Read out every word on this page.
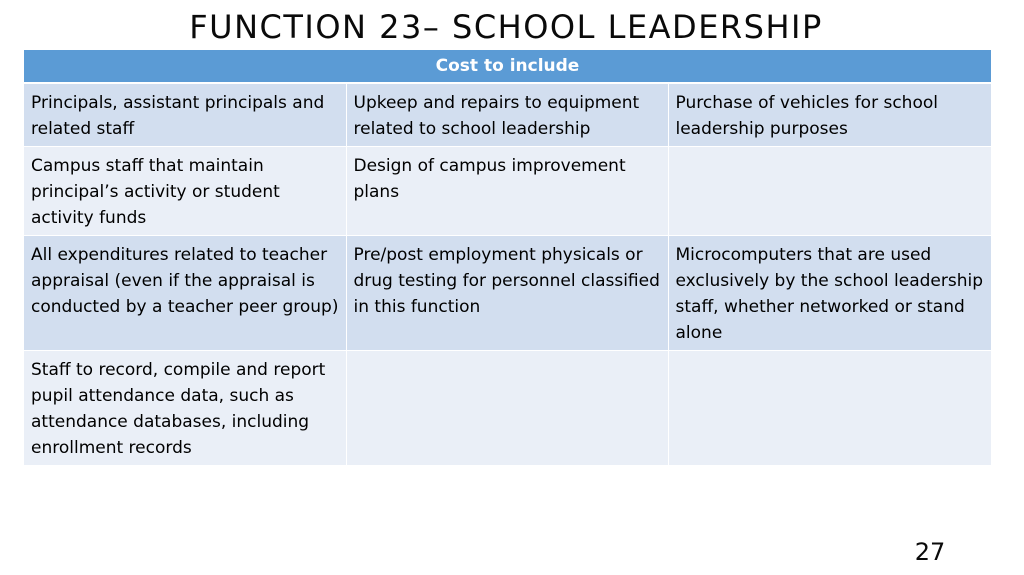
FUNCTION 23– SCHOOL LEADERSHIP
Cost to include		
Principals, assistant principals and related staff	Upkeep and repairs to equipment related to school leadership	Purchase of vehicles for school leadership purposes
Campus staff that maintain principal’s activity or student activity funds	Design of campus improvement plans	
All expenditures related to teacher appraisal (even if the appraisal is conducted by a teacher peer group)	Pre/post employment physicals or drug testing for personnel classified in this function	Microcomputers that are used exclusively by the school leadership staff, whether networked or stand alone
Staff to record, compile and report pupil attendance data, such as attendance databases, including enrollment records		
27
